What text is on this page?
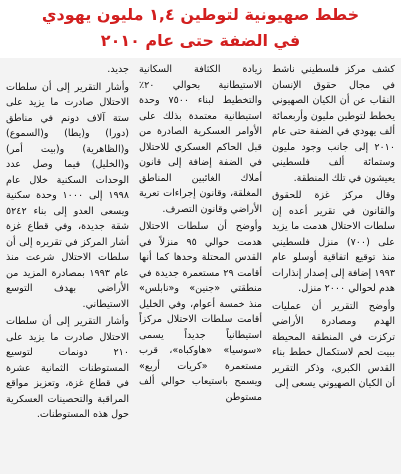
خطط صهيونية لتوطين ١,٤ مليون يهودي
في الضفة حتى عام ٢٠١٠

كشف مركز فلسطيني ناشط في مجال حقوق الإنسان النقاب عن أن الكيان الصهيوني يخطط لتوطين مليون وأربعمائة ألف يهودي في الضفة حتى عام ٢٠١٠ إلى جانب وجود مليون وستمائة ألف فلسطيني يعيشون في تلك المنطقة.

وقال مركز غزة للحقوق والقانون في تقرير أعده إن سلطات الاحتلال هدمت ما يزيد على (٧٠٠) منزل فلسطيني منذ توقيع اتفاقية أوسلو عام ١٩٩٣ إضافة إلى إصدار إنذارات هدم لحوالي ٢٠٠٠ منزل.

وأوضح التقرير أن عمليات الهدم ومصادرة الأراضي تركزت في المنطقة المحيطة ببيت لحم لاستكمال خطط بناء القدس الكبرى، وذكر التقرير أن الكيان الصهيوني يسعى إلى

زيادة الكثافة السكانية الاستيطانية بحوالي ٢٠٪ والتخطيط لبناء ٧٥٠٠ وحدة استيطانية معتمدة بذلك على الأوامر العسكرية الصادرة من قبل الحاكم العسكري للاحتلال في الضفة إضافة إلى قانون أملاك الغائبين المناطق المغلقة، وقانون إجراءات تعرية الأراضي وقانون التصرف.

وأوضح أن سلطات الاحتلال هدمت حوالي ٩٥ منزلاً في القدس المحتلة وحدها كما أنها أقامت ٢٩ مستعمرة جديدة في منطقتي «جنين» و«نابلس» منذ خمسة أعوام، وفي الخليل أقامت سلطات الاحتلال مركزاً استيطانياً جديداً يسمى «سوسيا» «هاوكباه»، قرب مستعمرة «كريات أربع» ويسمح باستيعاب حوالي ألف مستوطن

جديد.

وأشار التقرير إلى أن سلطات الاحتلال صادرت ما يزيد على ستة آلاف دونم في مناطق (دورا) و(يطا) و(السموع) و(الظاهرية) و(بيت أمر) و(الخليل) فيما وصل عدد الوحدات السكنية خلال عام ١٩٩٨ إلى ١٠٠٠ وحدة سكنية ويسعى العدو إلى بناء ٥٢٤٢ شقة جديدة، وفي قطاع غزة أشار المركز في تقريره إلى أن سلطات الاحتلال شرعت منذ عام ١٩٩٣ بمصادرة المزيد من الأراضي بهدف التوسع الاستيطاني.

وأشار التقرير إلى أن سلطات الاحتلال صادرت ما يزيد على ٢١٠ دونمات لتوسيع المستوطنات الثمانية عشرة في قطاع غزة، وتعزيز مواقع المراقبة والتحصينات العسكرية حول هذه المستوطنات.
